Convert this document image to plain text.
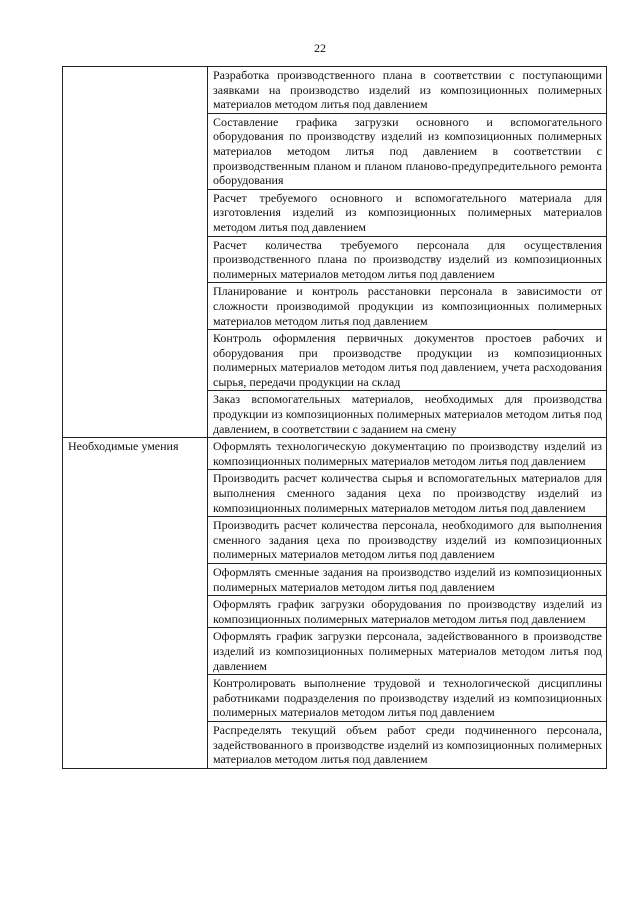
22
	Разработка производственного плана в соответствии с поступающими заявками на производство изделий из композиционных полимерных материалов методом литья под давлением
	Составление графика загрузки основного и вспомогательного оборудования по производству изделий из композиционных полимерных материалов методом литья под давлением в соответствии с производственным планом и планом планово-предупредительного ремонта оборудования
	Расчет требуемого основного и вспомогательного материала для изготовления изделий из композиционных полимерных материалов методом литья под давлением
	Расчет количества требуемого персонала для осуществления производственного плана по производству изделий из композиционных полимерных материалов методом литья под давлением
	Планирование и контроль расстановки персонала в зависимости от сложности производимой продукции из композиционных полимерных материалов методом литья под давлением
	Контроль оформления первичных документов простоев рабочих и оборудования при производстве продукции из композиционных полимерных материалов методом литья под давлением, учета расходования сырья, передачи продукции на склад
	Заказ вспомогательных материалов, необходимых для производства продукции из композиционных полимерных материалов методом литья под давлением, в соответствии с заданием на смену
Необходимые умения	Оформлять технологическую документацию по производству изделий из композиционных полимерных материалов методом литья под давлением
	Производить расчет количества сырья и вспомогательных материалов для выполнения сменного задания цеха по производству изделий из композиционных полимерных материалов методом литья под давлением
	Производить расчет количества персонала, необходимого для выполнения сменного задания цеха по производству изделий из композиционных полимерных материалов методом литья под давлением
	Оформлять сменные задания на производство изделий из композиционных полимерных материалов методом литья под давлением
	Оформлять график загрузки оборудования по производству изделий из композиционных полимерных материалов методом литья под давлением
	Оформлять график загрузки персонала, задействованного в производстве изделий из композиционных полимерных материалов методом литья под давлением
	Контролировать выполнение трудовой и технологической дисциплины работниками подразделения по производству изделий из композиционных полимерных материалов методом литья под давлением
	Распределять текущий объем работ среди подчиненного персонала, задействованного в производстве изделий из композиционных полимерных материалов методом литья под давлением
